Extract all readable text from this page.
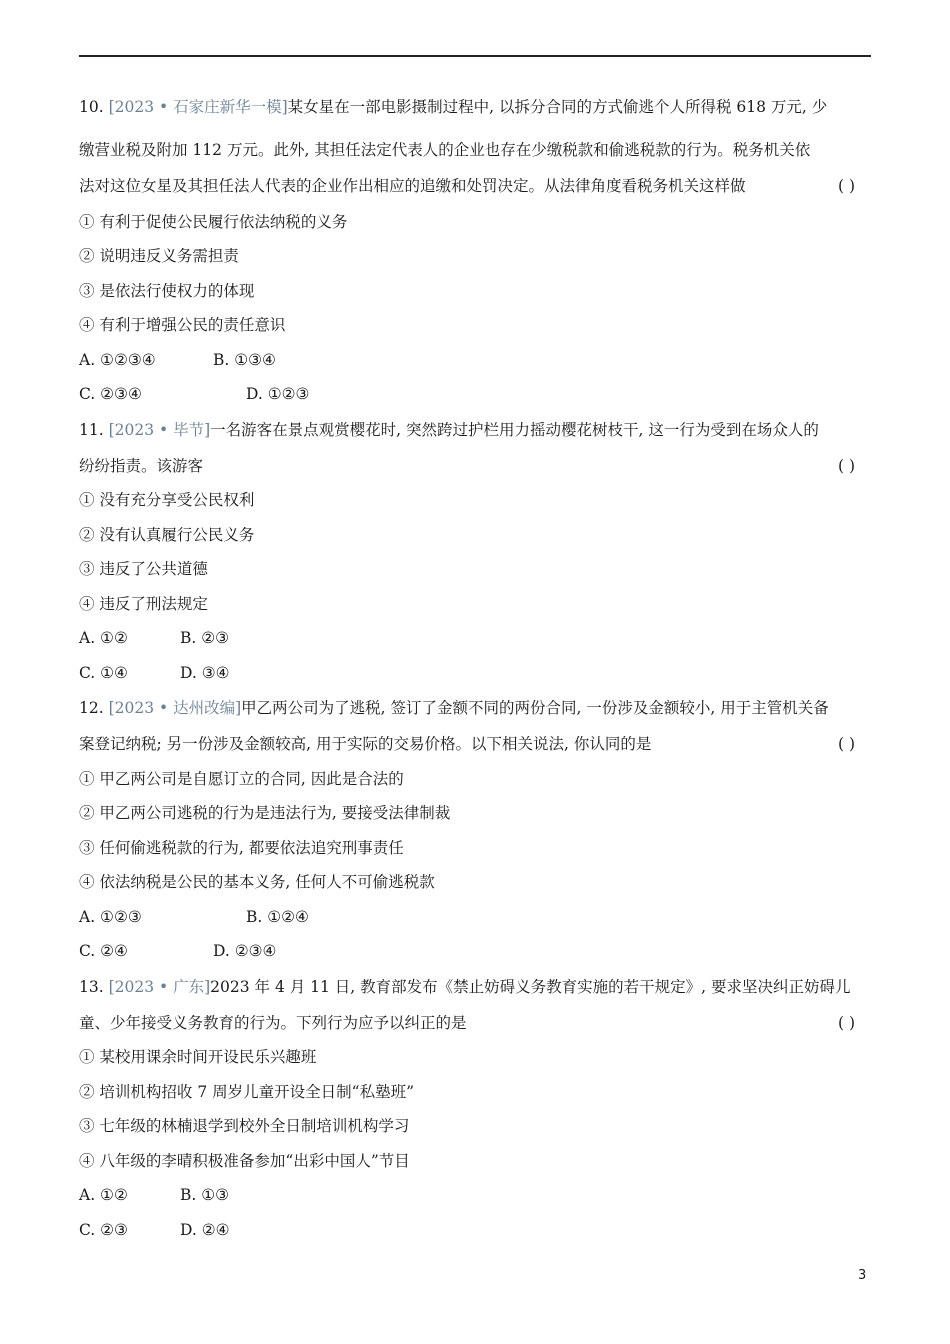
10. [2023 • 石家庄新华一模]某女星在一部电影摄制过程中, 以拆分合同的方式偷逃个人所得税 618 万元, 少
缴营业税及附加 112 万元。此外, 其担任法定代表人的企业也存在少缴税款和偷逃税款的行为。税务机关依
法对这位女星及其担任法人代表的企业作出相应的追缴和处罚决定。从法律角度看税务机关这样做	( )
① 有利于促使公民履行依法纳税的义务
② 说明违反义务需担责
③ 是依法行使权力的体现
④ 有利于增强公民的责任意识
A. ①②③④	B. ①③④
C. ②③④	D. ①②③
11. [2023 • 毕节]一名游客在景点观赏樱花时, 突然跨过护栏用力摇动樱花树枝干, 这一行为受到在场众人的
纷纷指责。该游客	( )
① 没有充分享受公民权利
② 没有认真履行公民义务
③ 违反了公共道德
④ 违反了刑法规定
A. ①②	B. ②③
C. ①④	D. ③④
12. [2023 • 达州改编]甲乙两公司为了逃税, 签订了金额不同的两份合同, 一份涉及金额较小, 用于主管机关备
案登记纳税; 另一份涉及金额较高, 用于实际的交易价格。以下相关说法, 你认同的是	( )
① 甲乙两公司是自愿订立的合同, 因此是合法的
② 甲乙两公司逃税的行为是违法行为, 要接受法律制裁
③ 任何偷逃税款的行为, 都要依法追究刑事责任
④ 依法纳税是公民的基本义务, 任何人不可偷逃税款
A. ①②③	B. ①②④
C. ②④	D. ②③④
13. [2023 • 广东]2023 年 4 月 11 日, 教育部发布《禁止妨碍义务教育实施的若干规定》, 要求坚决纠正妨碍儿
童、少年接受义务教育的行为。下列行为应予以纠正的是	( )
① 某校用课余时间开设民乐兴趣班
② 培训机构招收 7 周岁儿童开设全日制“私塾班”
③ 七年级的林楠退学到校外全日制培训机构学习
④ 八年级的李晴积极准备参加“出彩中国人”节目
A. ①②	B. ①③
C. ②③	D. ②④
3
